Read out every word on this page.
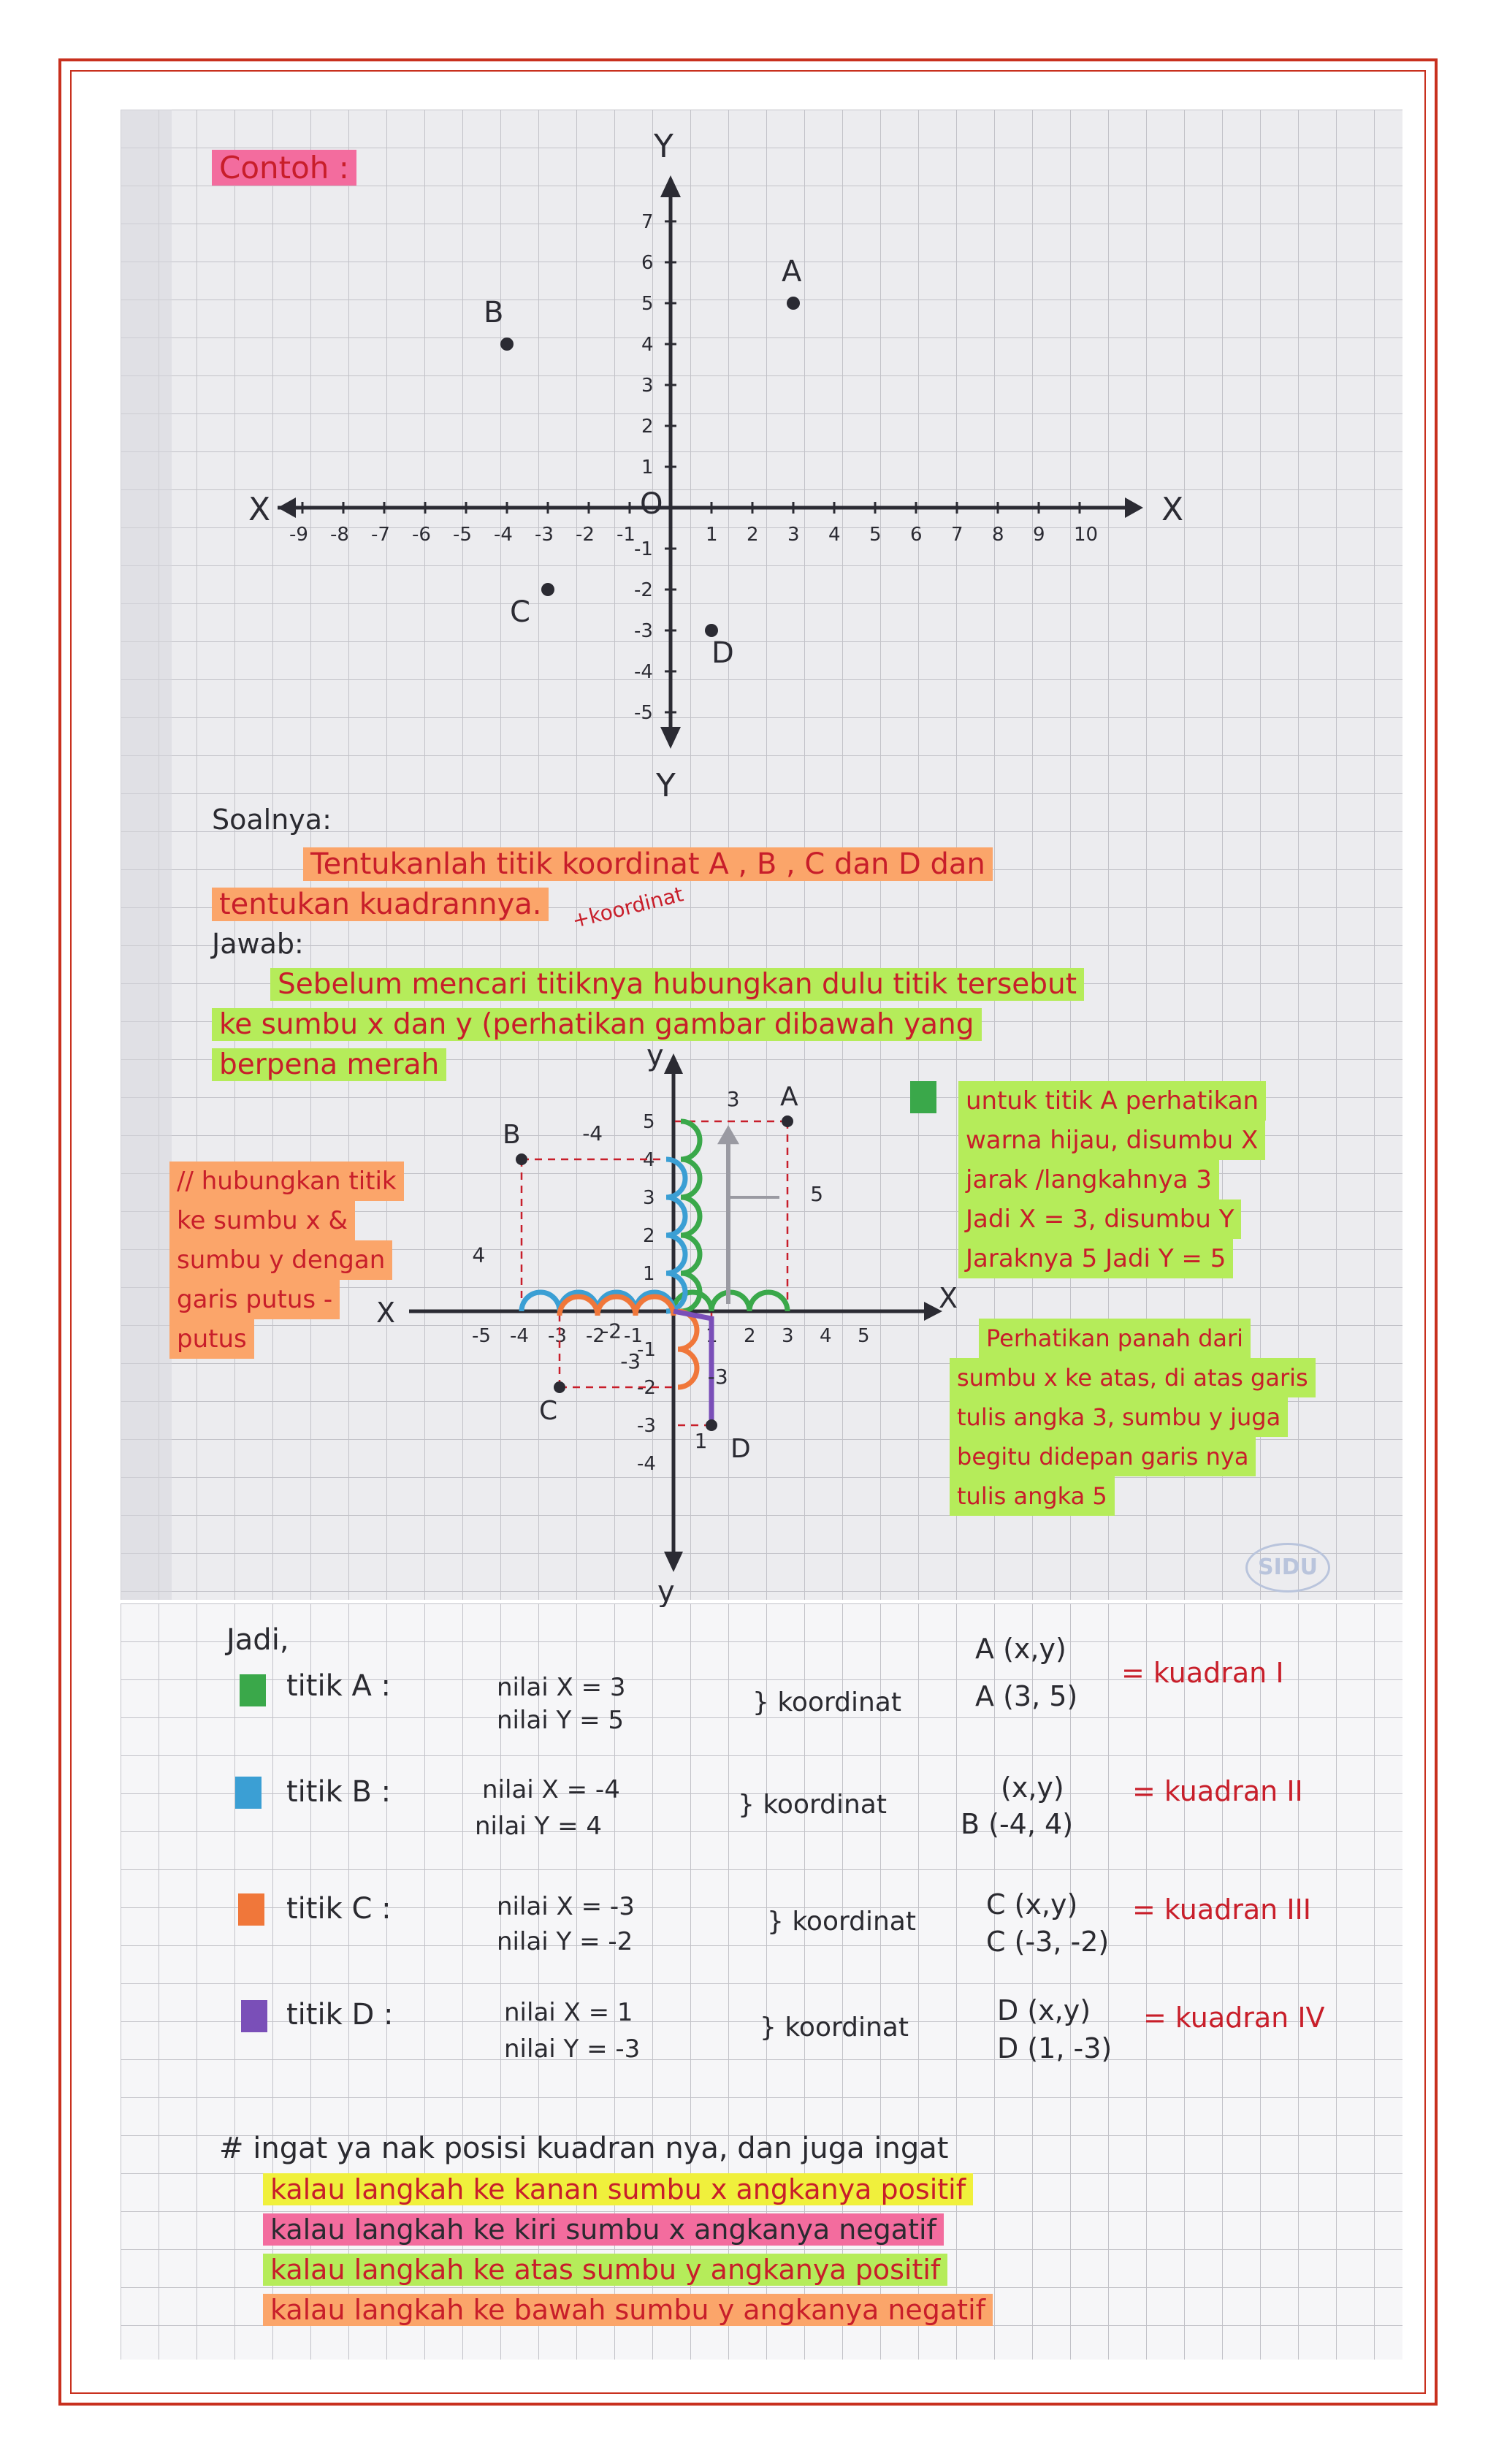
Contoh :
X	X
Y
Y
O
-9 -8 -7 -6 -5 -4 -3 -2 -1	1 2 3 4 5 6 7 8 9 10
1
2
3
4
5
6
7
-1
-2
-3
-4
-5
A
B
C
D
Soalnya:
Tentukanlah titik koordinat A , B , C dan D dan
tentukan kuadrannya.
Jawab:
+koordinat
Sebelum mencari titiknya hubungkan dulu titik tersebut
ke sumbu x dan y (perhatikan gambar dibawah yang
berpena merah
// hubungkan titik
ke sumbu x &
sumbu y dengan
garis putus -
putus
X	X
y
y
-5 -4 -3 -2 -1	1 2 3 4 5
1
2
3
4
5
-1
-2
-3
-4
3
-4
4
5
-2
-3
-3
1
A
B
C
D
untuk titik A perhatikan
warna hijau, disumbu X
jarak /langkahnya 3
Jadi X = 3, disumbu Y
Jaraknya 5 Jadi Y = 5
Perhatikan panah dari
sumbu x ke atas, di atas garis
tulis angka 3, sumbu y juga
begitu didepan garis nya
tulis angka 5
SIDU
Jadi,
titik A :	nilai X = 3
nilai Y = 5
} koordinat
A (x,y)
A (3, 5)
= kuadran I
titik B :	nilai X = -4
nilai Y = 4
} koordinat
(x,y)
B (-4, 4)
= kuadran II
titik C :	nilai X = -3
nilai Y = -2
} koordinat
C (x,y)
C (-3, -2)
= kuadran III
titik D :	nilai X = 1
nilai Y = -3
} koordinat
D (x,y)
D (1, -3)
= kuadran IV
# ingat ya nak posisi kuadran nya, dan juga ingat
kalau langkah ke kanan sumbu x angkanya positif
kalau langkah ke kiri sumbu x angkanya negatif
kalau langkah ke atas sumbu y angkanya positif
kalau langkah ke bawah sumbu y angkanya negatif
